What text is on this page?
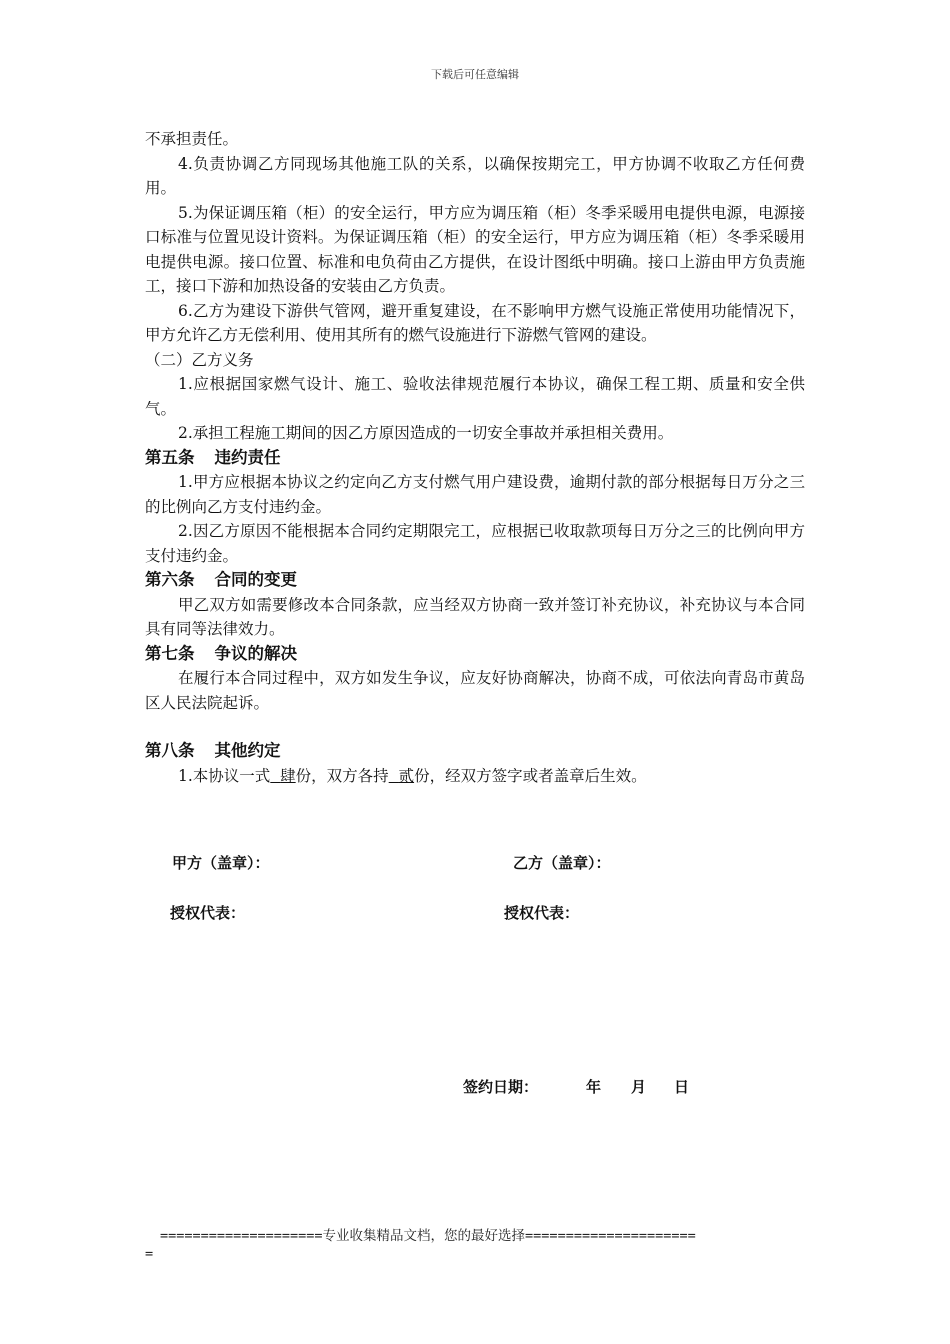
下载后可任意编辑

不承担责任。

4.负责协调乙方同现场其他施工队的关系，以确保按期完工，甲方协调不收取乙方任何费用。

5.为保证调压箱（柜）的安全运行，甲方应为调压箱（柜）冬季采暖用电提供电源，电源接口标准与位置见设计资料。为保证调压箱（柜）的安全运行，甲方应为调压箱（柜）冬季采暖用电提供电源。接口位置、标准和电负荷由乙方提供，在设计图纸中明确。接口上游由甲方负责施工，接口下游和加热设备的安装由乙方负责。

6.乙方为建设下游供气管网，避开重复建设，在不影响甲方燃气设施正常使用功能情况下，甲方允许乙方无偿利用、使用其所有的燃气设施进行下游燃气管网的建设。

（二）乙方义务

1.应根据国家燃气设计、施工、验收法律规范履行本协议，确保工程工期、质量和安全供气。

2.承担工程施工期间的因乙方原因造成的一切安全事故并承担相关费用。

第五条 违约责任

1.甲方应根据本协议之约定向乙方支付燃气用户建设费，逾期付款的部分根据每日万分之三的比例向乙方支付违约金。

2.因乙方原因不能根据本合同约定期限完工，应根据已收取款项每日万分之三的比例向甲方支付违约金。

第六条 合同的变更

甲乙双方如需要修改本合同条款，应当经双方协商一致并签订补充协议，补充协议与本合同具有同等法律效力。

第七条 争议的解决

在履行本合同过程中，双方如发生争议，应友好协商解决，协商不成，可依法向青岛市黄岛区人民法院起诉。

第八条 其他约定

1.本协议一式 肆份，双方各持 贰份，经双方签字或者盖章后生效。

甲方（盖章）：	乙方（盖章）：
授权代表：	授权代表：
签约日期：	年 月 日
====================专业收集精品文档，您的最好选择=====================
=
